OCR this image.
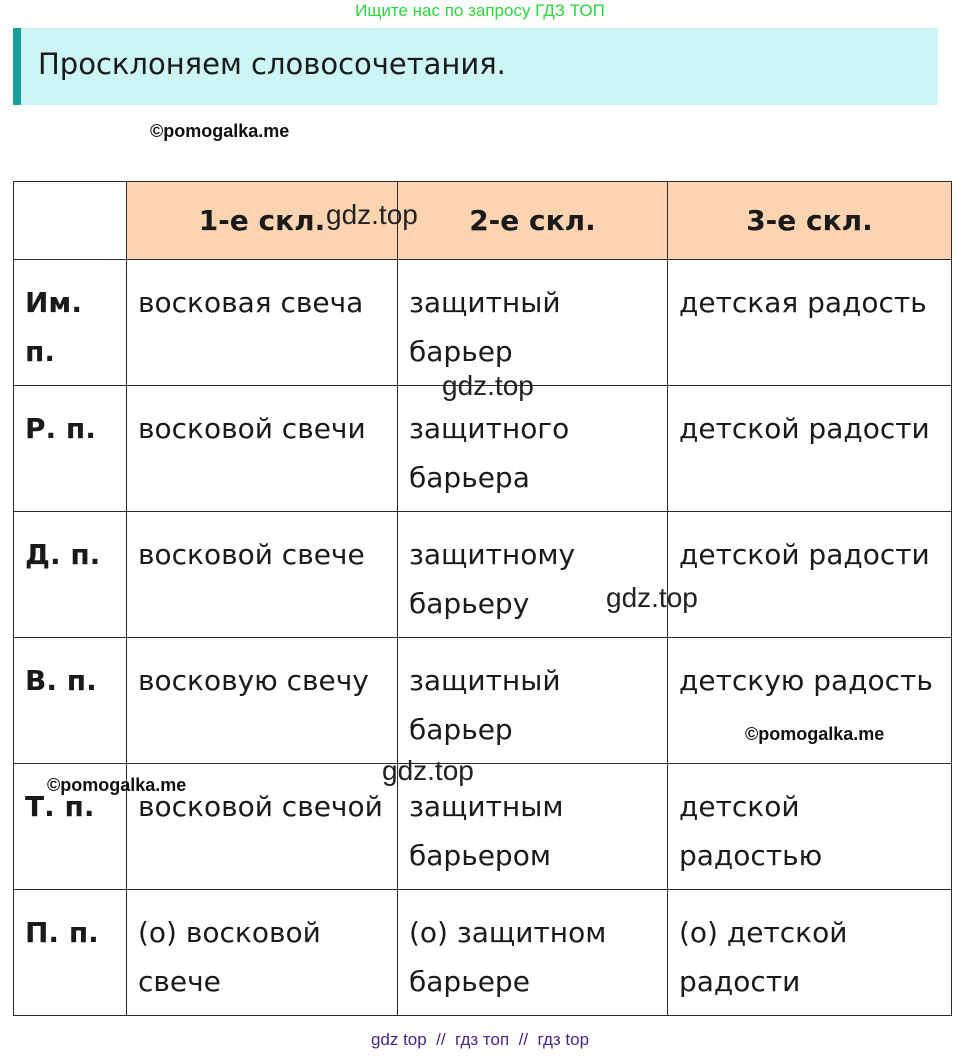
Ищите нас по запросу ГДЗ ТОП
Просклоняем словосочетания.
©pomogalka.me
	1-е скл.	2-е скл.	3-е скл.
Им. п.	восковая свеча	защитный барьер	детская радость
Р. п.	восковой свечи	защитного барьера	детской радости
Д. п.	восковой свече	защитному барьеру	детской радости
В. п.	восковую свечу	защитный барьер	детскую радость
Т. п.	восковой свечой	защитным барьером	детской радостью
П. п.	(о) восковой свече	(о) защитном барьере	(о) детской радости
gdz.top
gdz.top
gdz.top
©pomogalka.me
gdz.top
©pomogalka.me
gdz top  //  гдз топ  //  гдз top
